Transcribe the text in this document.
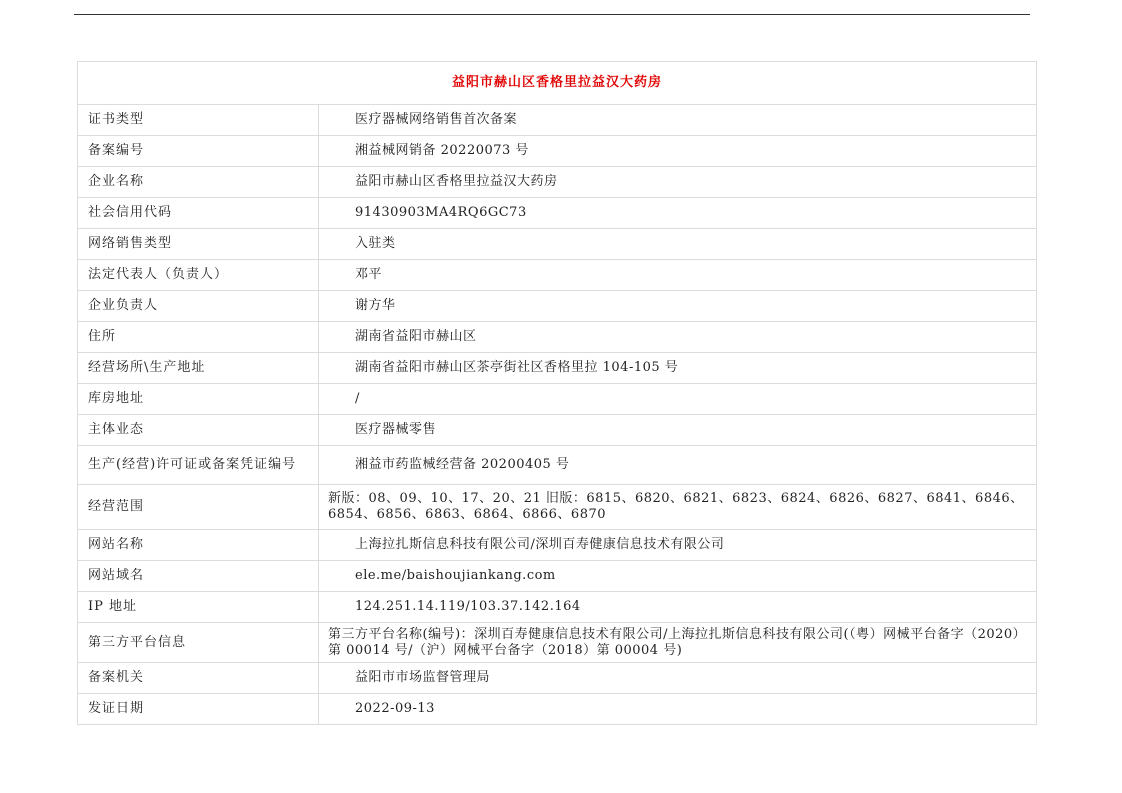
益阳市赫山区香格里拉益汉大药房	
证书类型	医疗器械网络销售首次备案
备案编号	湘益械网销备 20220073 号
企业名称	益阳市赫山区香格里拉益汉大药房
社会信用代码	91430903MA4RQ6GC73
网络销售类型	入驻类
法定代表人（负责人）	邓平
企业负责人	谢方华
住所	湖南省益阳市赫山区
经营场所\生产地址	湖南省益阳市赫山区茶亭街社区香格里拉 104-105 号
库房地址	/
主体业态	医疗器械零售
生产(经营)许可证或备案凭证编号	湘益市药监械经营备 20200405 号
经营范围	新版：08、09、10、17、20、21 旧版：6815、6820、6821、6823、6824、6826、6827、6841、6846、6854、6856、6863、6864、6866、6870
网站名称	上海拉扎斯信息科技有限公司/深圳百寿健康信息技术有限公司
网站域名	ele.me/baishoujiankang.com
IP 地址	124.251.14.119/103.37.142.164
第三方平台信息	第三方平台名称(编号)：深圳百寿健康信息技术有限公司/上海拉扎斯信息科技有限公司(（粤）网械平台备字（2020）第 00014 号/（沪）网械平台备字（2018）第 00004 号)
备案机关	益阳市市场监督管理局
发证日期	2022-09-13
